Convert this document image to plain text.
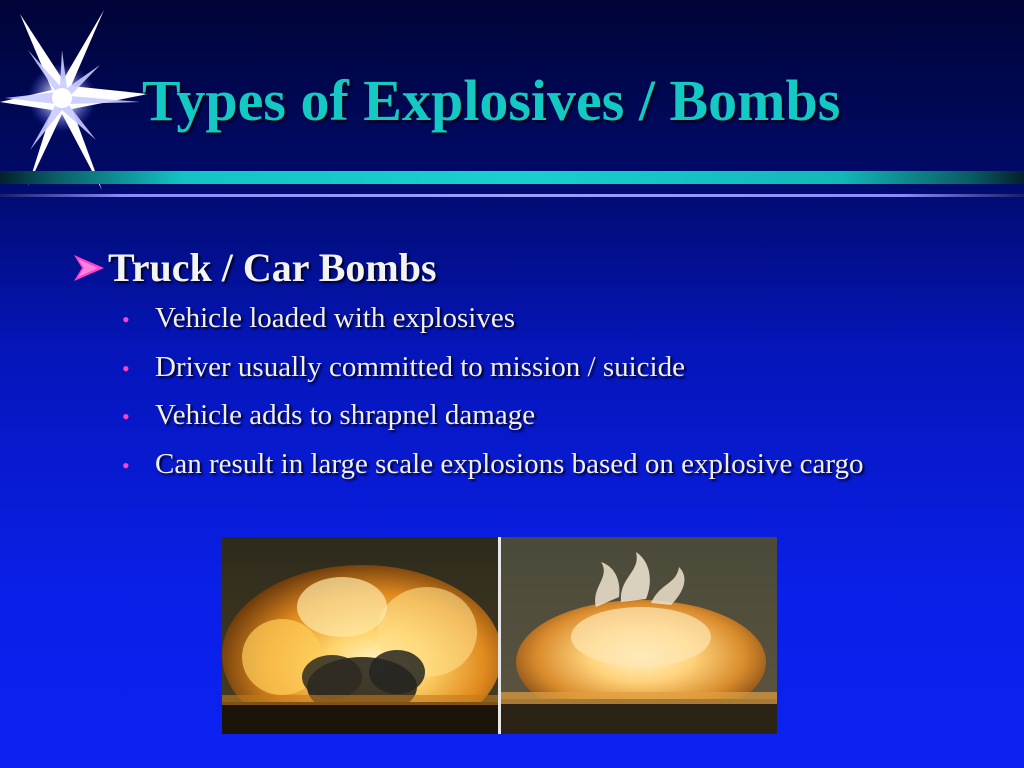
Types of Explosives / Bombs
Truck / Car Bombs
• Vehicle loaded with explosives
• Driver usually committed to mission / suicide
• Vehicle adds to shrapnel damage
• Can result in large scale explosions based on explosive cargo
